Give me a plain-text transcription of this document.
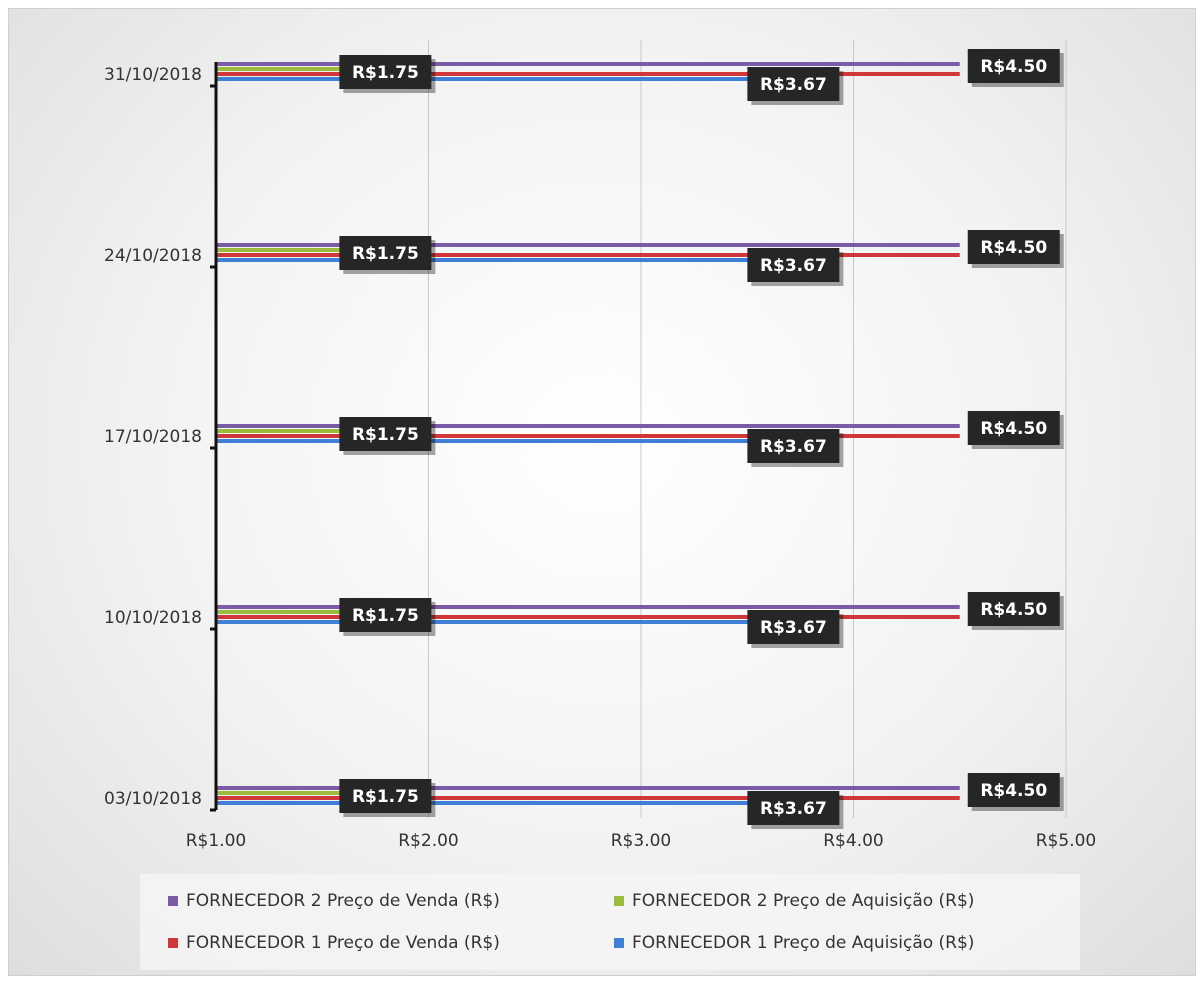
R$1.00	R$2.00	R$3.00	R$4.00	R$5.00
03/10/2018
10/10/2018
17/10/2018
24/10/2018
31/10/2018
R$1.75
R$3.67
R$4.50
R$1.75
R$3.67
R$4.50
R$1.75
R$3.67
R$4.50
R$1.75
R$3.67
R$4.50
R$1.75
R$3.67
R$4.50
FORNECEDOR 2 Preço de Venda (R$)	FORNECEDOR 2 Preço de Aquisição (R$)
FORNECEDOR 1 Preço de Venda (R$)	FORNECEDOR 1 Preço de Aquisição (R$)
